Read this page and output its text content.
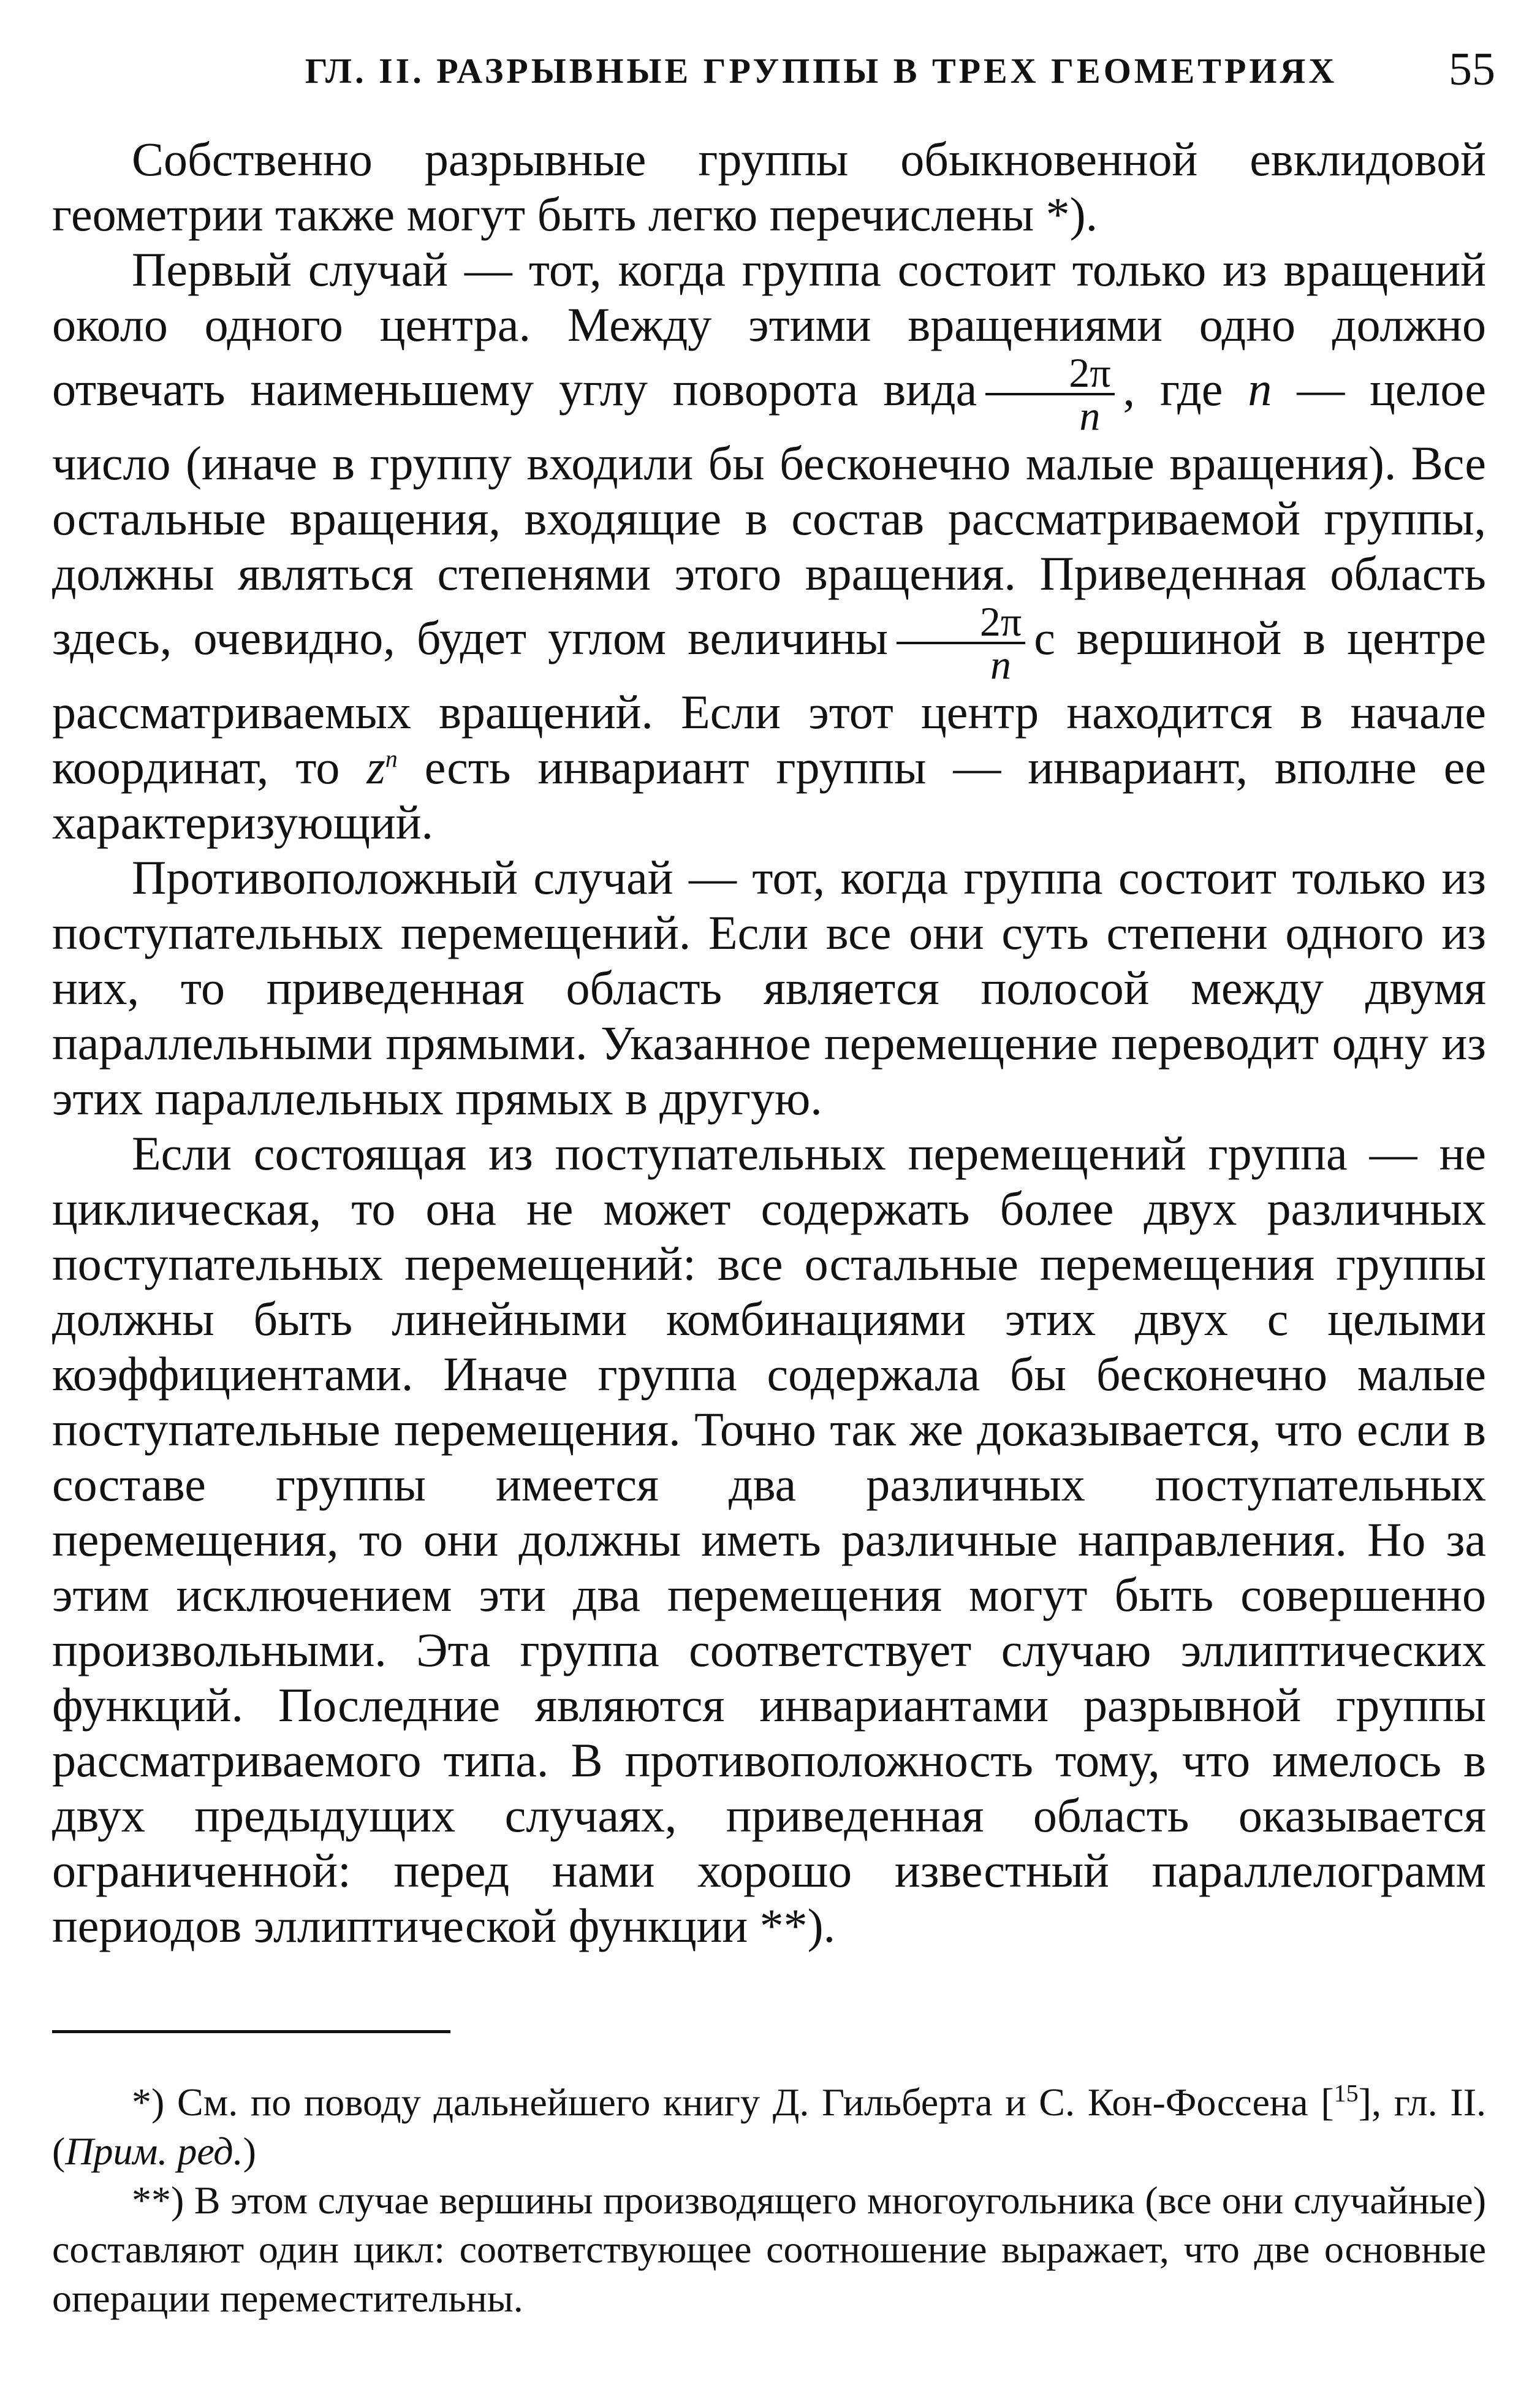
ГЛ. II. РАЗРЫВНЫЕ ГРУППЫ В ТРЕХ ГЕОМЕТРИЯХ	55

Собственно разрывные группы обыкновенной евклидовой геометрии также могут быть легко перечислены *).

Первый случай — тот, когда группа состоит только из вращений около одного центра. Между этими вращениями одно должно отвечать наименьшему углу поворота вида $\frac{2\pi}{n}$ , где n — целое число (иначе в группу входили бы бесконечно малые вращения). Все остальные вращения, входящие в состав рассматриваемой группы, должны являться степенями этого вращения. Приведенная область здесь, очевидно, будет углом величины $\frac{2\pi}{n}$ с вершиной в центре рассматриваемых вращений. Если этот центр находится в начале координат, то $z^n$ есть инвариант группы — инвариант, вполне ее характеризующий.

Противоположный случай — тот, когда группа состоит только из поступательных перемещений. Если все они суть степени одного из них, то приведенная область является полосой между двумя параллельными прямыми. Указанное перемещение переводит одну из этих параллельных прямых в другую.

Если состоящая из поступательных перемещений группа — не циклическая, то она не может содержать более двух различных поступательных перемещений: все остальные перемещения группы должны быть линейными комбинациями этих двух с целыми коэффициентами. Иначе группа содержала бы бесконечно малые поступательные перемещения. Точно так же доказывается, что если в составе группы имеется два различных поступательных перемещения, то они должны иметь различные направления. Но за этим исключением эти два перемещения могут быть совершенно произвольными. Эта группа соответствует случаю эллиптических функций. Последние являются инвариантами разрывной группы рассматриваемого типа. В противоположность тому, что имелось в двух предыдущих случаях, приведенная область оказывается ограниченной: перед нами хорошо известный параллелограмм периодов эллиптической функции **).

*) См. по поводу дальнейшего книгу Д. Гильберта и С. Кон-Фоссена [$^{15}$], гл. II. (Прим. ред.)

**) В этом случае вершины производящего многоугольника (все они случайные) составляют один цикл: соответствующее соотношение выражает, что две основные операции переместительны.
